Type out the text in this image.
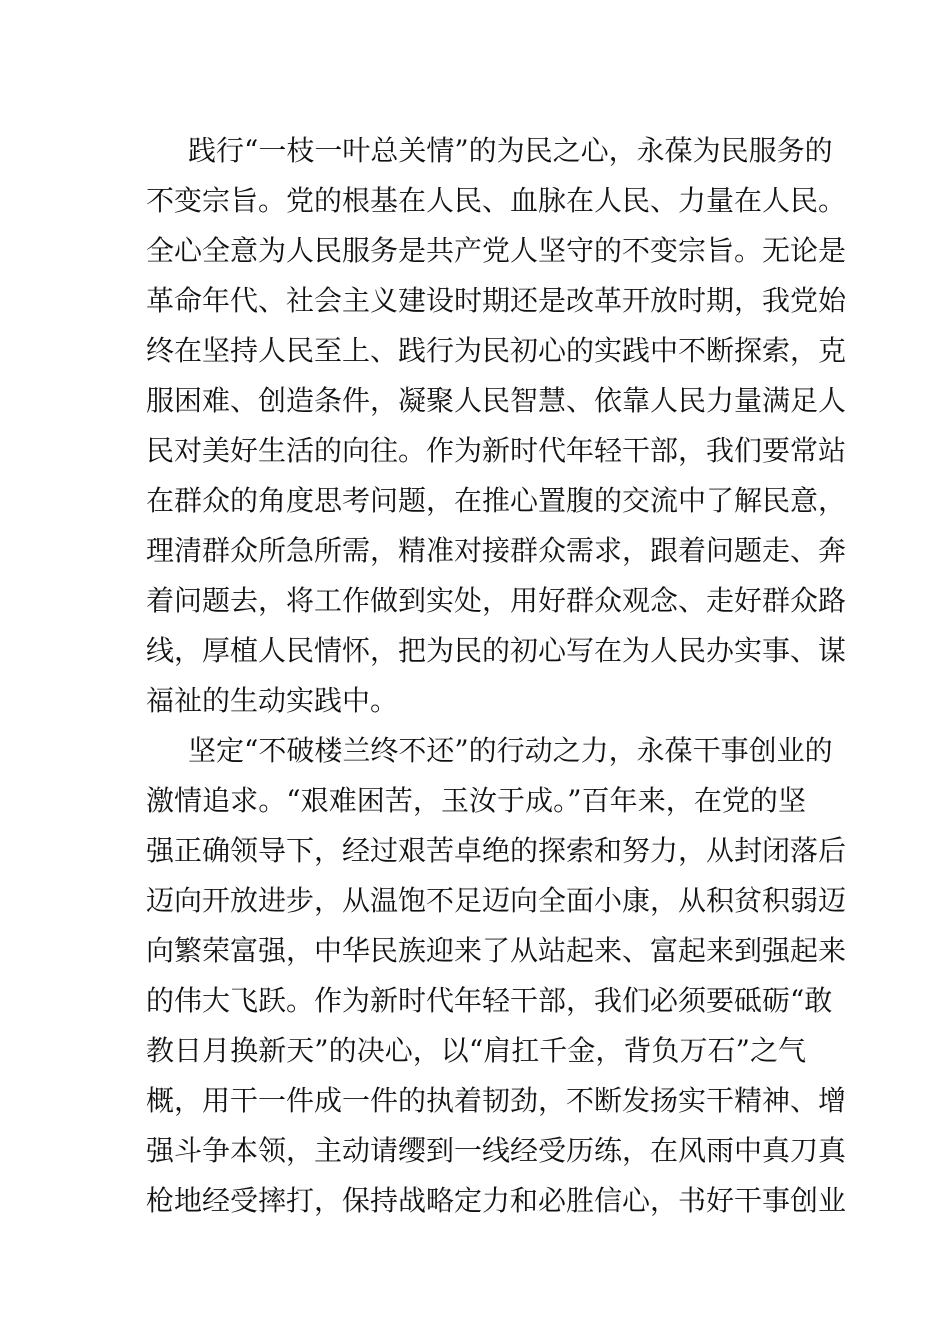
践行“一枝一叶总关情”的为民之心，永葆为民服务的
不变宗旨。党的根基在人民、血脉在人民、力量在人民。
全心全意为人民服务是共产党人坚守的不变宗旨。无论是
革命年代、社会主义建设时期还是改革开放时期，我党始
终在坚持人民至上、践行为民初心的实践中不断探索，克
服困难、创造条件，凝聚人民智慧、依靠人民力量满足人
民对美好生活的向往。作为新时代年轻干部，我们要常站
在群众的角度思考问题，在推心置腹的交流中了解民意，
理清群众所急所需，精准对接群众需求，跟着问题走、奔
着问题去，将工作做到实处，用好群众观念、走好群众路
线，厚植人民情怀，把为民的初心写在为人民办实事、谋
福祉的生动实践中。
坚定“不破楼兰终不还”的行动之力，永葆干事创业的
激情追求。“艰难困苦，玉汝于成。”百年来，在党的坚
强正确领导下，经过艰苦卓绝的探索和努力，从封闭落后
迈向开放进步，从温饱不足迈向全面小康，从积贫积弱迈
向繁荣富强，中华民族迎来了从站起来、富起来到强起来
的伟大飞跃。作为新时代年轻干部，我们必须要砥砺“敢
教日月换新天”的决心，以“肩扛千金，背负万石”之气
概，用干一件成一件的执着韧劲，不断发扬实干精神、增
强斗争本领，主动请缨到一线经受历练，在风雨中真刀真
枪地经受摔打，保持战略定力和必胜信心，书好干事创业
